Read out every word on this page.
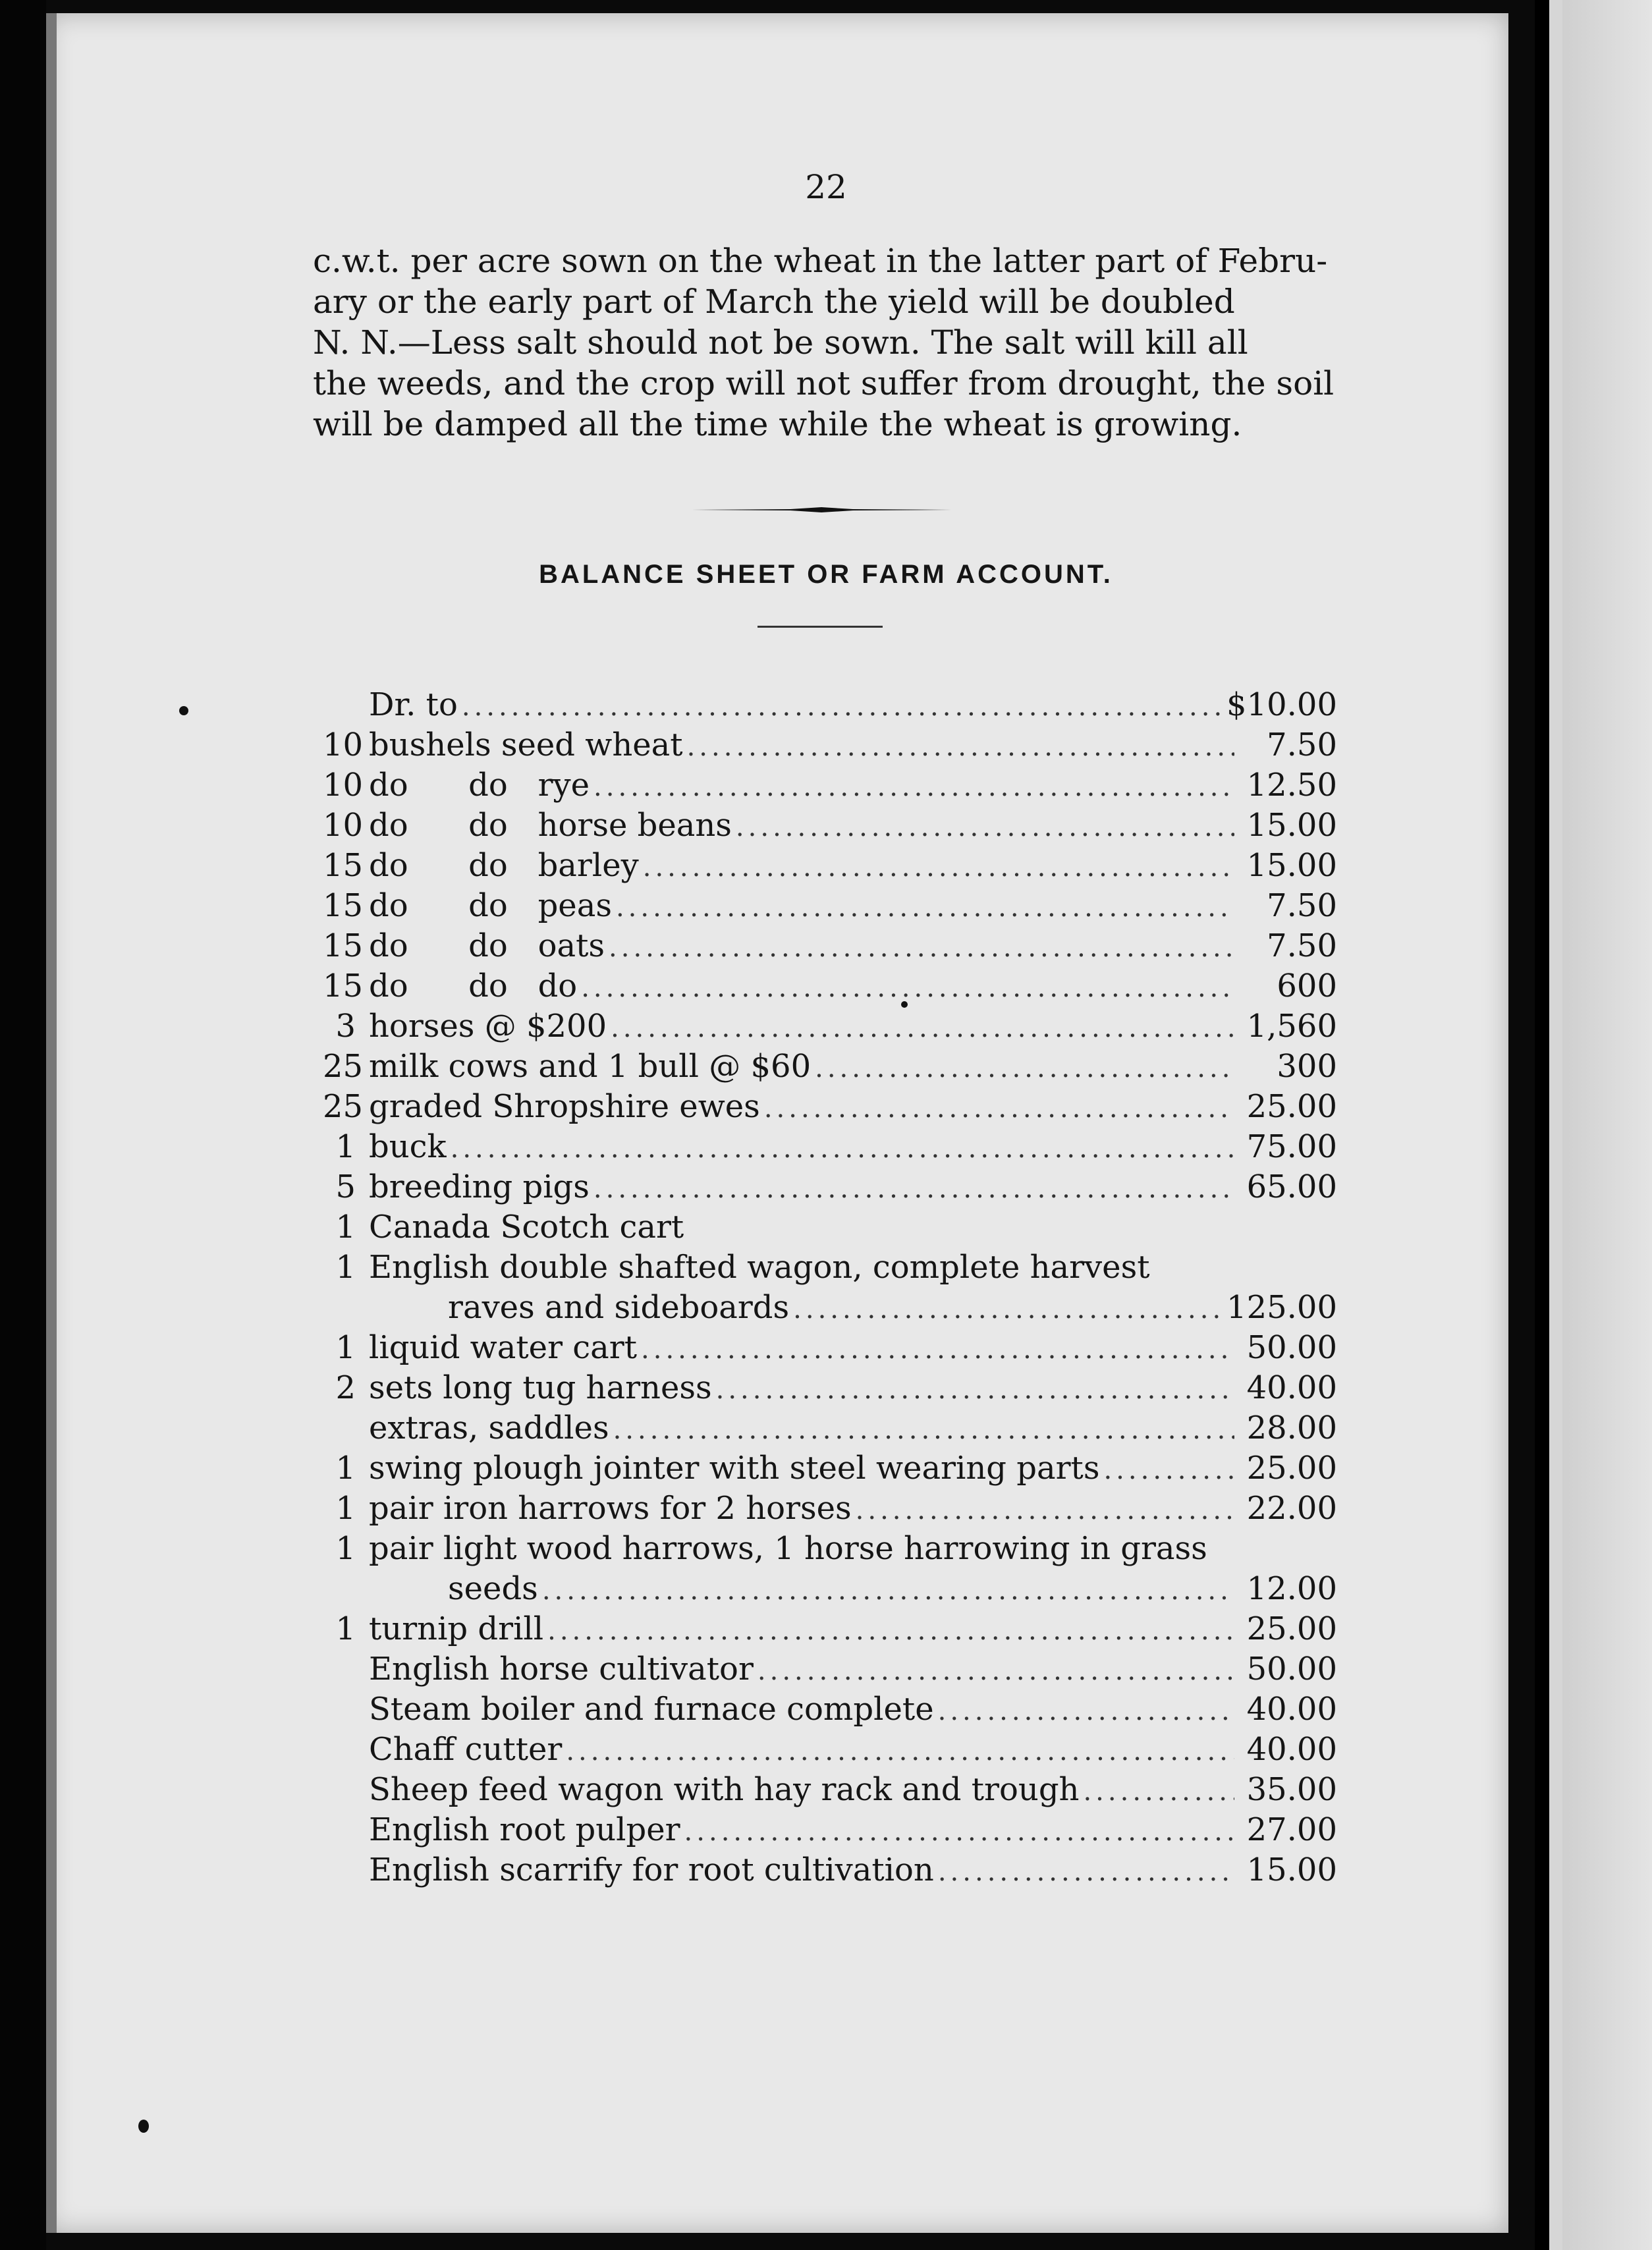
22
c.w.t. per acre sown on the wheat in the latter part of Febru-
ary or the early part of March the yield will be doubled
N. N.—Less salt should not be sown. The salt will kill all
the weeds, and the crop will not suffer from drought, the soil
will be damped all the time while the wheat is growing.
BALANCE SHEET OR FARM ACCOUNT.
Dr. to .....	$10.00
10 bushels seed wheat .....	7.50
10 do      do   rye .....	12.50
10 do      do   horse beans .....	15.00
15 do      do   barley .....	15.00
15 do      do   peas .....	7.50
15 do      do   oats .....	7.50
15 do      do   do .....	600
3 horses @ $200 .....	1,560
25 milk cows and 1 bull @ $60 .....	300
25 graded Shropshire ewes .....	25.00
1 buck .....	75.00
5 breeding pigs .....	65.00
1 Canada Scotch cart
1 English double shafted wagon, complete harvest
raves and sideboards .....	125.00
1 liquid water cart .....	50.00
2 sets long tug harness .....	40.00
extras, saddles .....	28.00
1 swing plough jointer with steel wearing parts .....	25.00
1 pair iron harrows for 2 horses .....	22.00
1 pair light wood harrows, 1 horse harrowing in grass
seeds .....	12.00
1 turnip drill .....	25.00
English horse cultivator .....	50.00
Steam boiler and furnace complete .....	40.00
Chaff cutter .....	40.00
Sheep feed wagon with hay rack and trough .....	35.00
English root pulper .....	27.00
English scarrify for root cultivation .....	15.00
